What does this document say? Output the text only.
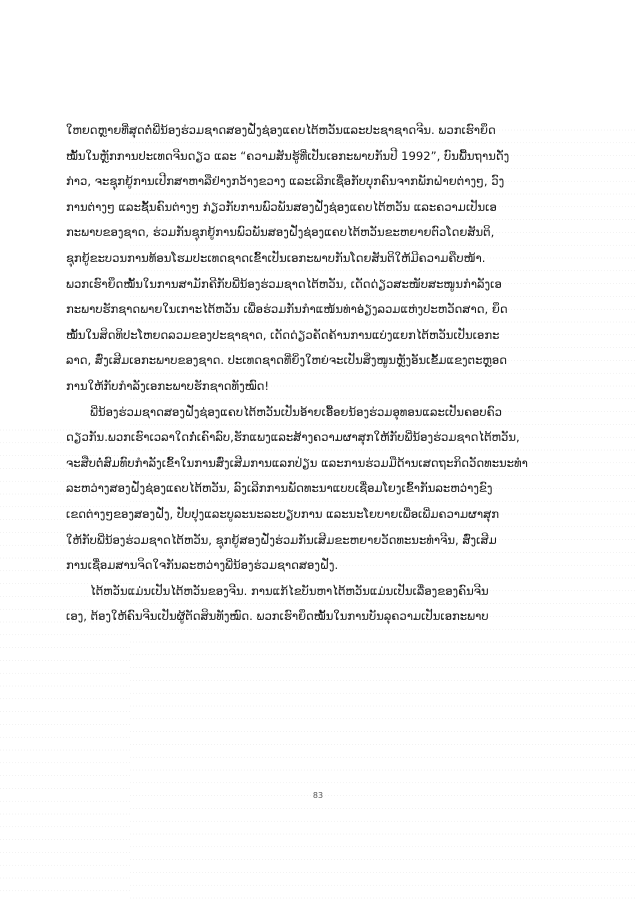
ໃຫຍດຫຼາຍທີ່ສຸດຕໍ່ພີ່ນ້ອງຮ່ວມຊາດສອງຝັ່ງຊ່ອງແຄບໄຕ້ຫວັນແລະປະຊາຊາດຈີນ. ພວກເຮົາຍຶດ
ໝັ້ນໃນຫຼັກການປະເທດຈີນດຽວ ແລະ “ຄວາມສັນຮູ້ທີ່ເປັນເອກະພາບກັນປີ 1992”, ບົນພື້ນຖານດັ່ງ
ກ່າວ, ຈະຊຸກຍູ້ການເປີກສາຫາລືຢ່າງກວ້າງຂວາງ ແລະເລີກເຊື່ອກັບບຸກຄົນຈາກພັກຝ່າຍຕ່າງໆ, ວົງ
ການຕ່າງໆ ແລະຊັ້ນຄົນຕ່າງໆ ກ່ຽວກັບການພົວພັນສອງຝັ່ງຊ່ອງແຄບໄຕ້ຫວັນ ແລະຄວາມເປັນເອ
ກະພາບຂອງຊາດ, ຮ່ວມກັນຊຸກຍູ້ການພົວພັນສອງຝັ່ງຊ່ອງແຄບໄຕ້ຫວັນຂະຫຍາຍຕົວໂດຍສັນຕິ,
ຊຸກຍູ້ຂະບວນການທ້ອນໂຮມປະເທດຊາດເຂົ້າເປັນເອກະພາບກັນໂດຍສັນຕິໃຫ້ມີຄວາມຄືບໜ້າ.
ພວກເຮົາຍຶດໝັ້ນໃນການສາມັກຄີກັບພີ່ນ້ອງຮ່ວມຊາດໄຕ້ຫວັນ, ເດັດດ່ຽວສະໜັບສະໜູນກຳລັງເອ
ກະພາບຮັກຊາດພາຍໃນເກາະໄຕ້ຫວັນ ເພື່ອຮ່ວມກັນກຳແໜ້ນທ່າອ່ຽງລວມແຫ່ງປະຫວັດສາດ, ຍຶດ
ໝັ້ນໃນສິດທິປະໂຫຍດລວມຂອງປະຊາຊາດ, ເດັດດ່ຽວຄັດຄ້ານການແບ່ງແຍກໄຕ້ຫວັນເປັນເອກະ
ລາດ, ສົ່ງເສີມເອກະພາບຂອງຊາດ. ປະເທດຊາດທີ່ຍິ່ງໃຫຍ່ຈະເປັນສິ່ງໜູນຫຼັງອັນເຂັ້ມແຂງຕະຫຼອດ
ການໃຫ້ກັບກຳລັງເອກະພາບຮັກຊາດທັງໝົດ!
ພີ່ນ້ອງຮ່ວມຊາດສອງຝັ່ງຊ່ອງແຄບໄຕ້ຫວັນເປັນອ້າຍເອື້ອຍນ້ອງຮ່ວມອຸທອນແລະເປັນຄອບຄົວ
ດຽວກັນ.ພວກເຮົາເວລາໃດກໍ່ເຄົາລົບ,ຮັກແພງແລະສ້າງຄວາມຜາສຸກໃຫ້ກັບພີ່ນ້ອງຮ່ວມຊາດໄຕ້ຫວັນ,
ຈະສືບຕໍ່ສົມທົບກຳລັງເຂົ້າໃນການສົ່ງເສີມການແລກປ່ຽນ ແລະການຮ່ວມມືດ້ານເສດຖະກິດວັດທະນະທຳ
ລະຫວ່າງສອງຝັ່ງຊ່ອງແຄບໄຕ້ຫວັນ, ລົງເລີກການພັດທະນາແບບເຊື່ອມໂຍງເຂົ້າກັນລະຫວ່າງຂົງ
ເຂດຕ່າງໆຂອງສອງຝັ່ງ, ປັບປຸງແລະບູລະນະລະບຽບການ ແລະນະໂຍບາຍເພື່ອເພີ່ມຄວາມຜາສຸກ
ໃຫ້ກັບພີ່ນ້ອງຮ່ວມຊາດໄຕ້ຫວັນ, ຊຸກຍູ້ສອງຝັ່ງຮ່ວມກັນເສີມຂະຫຍາຍວັດທະນະທຳຈີນ, ສົ່ງເສີມ
ການເຊື່ອມສານຈິດໃຈກັນລະຫວ່າງພີ່ນ້ອງຮ່ວມຊາດສອງຝັ່ງ.
ໄຕ້ຫວັນແມ່ນເປັນໄຕ້ຫວັນຂອງຈີນ. ການແກ້ໄຂບັນຫາໄຕ້ຫວັນແມ່ນເປັນເລື່ອງຂອງຄົນຈີນ
ເອງ, ຕ້ອງໃຫ້ຄົນຈີນເປັນຜູ້ຕັດສິນທັງໝົດ. ພວກເຮົາຍຶດໝັ້ນໃນການບັນລຸຄວາມເປັນເອກະພາບ
83
